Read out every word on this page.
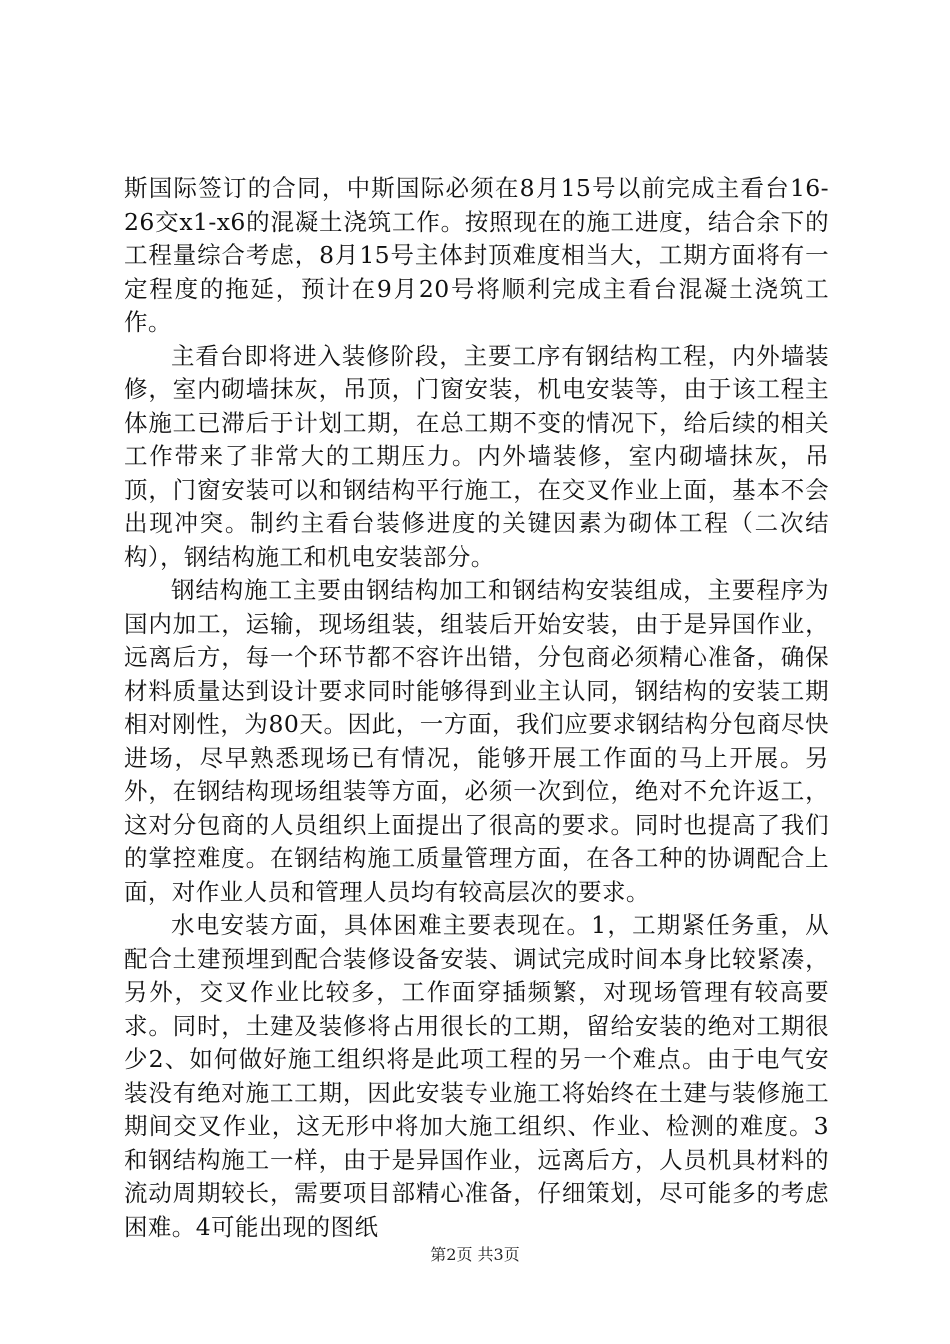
斯国际签订的合同，中斯国际必须在8月15号以前完成主看台16-26交x1-x6的混凝土浇筑工作。按照现在的施工进度，结合余下的工程量综合考虑，8月15号主体封顶难度相当大，工期方面将有一定程度的拖延，预计在9月20号将顺利完成主看台混凝土浇筑工作。

主看台即将进入装修阶段，主要工序有钢结构工程，内外墙装修，室内砌墙抹灰，吊顶，门窗安装，机电安装等，由于该工程主体施工已滞后于计划工期，在总工期不变的情况下，给后续的相关工作带来了非常大的工期压力。内外墙装修，室内砌墙抹灰，吊顶，门窗安装可以和钢结构平行施工，在交叉作业上面，基本不会出现冲突。制约主看台装修进度的关键因素为砌体工程（二次结构），钢结构施工和机电安装部分。

钢结构施工主要由钢结构加工和钢结构安装组成，主要程序为国内加工，运输，现场组装，组装后开始安装，由于是异国作业，远离后方，每一个环节都不容许出错，分包商必须精心准备，确保材料质量达到设计要求同时能够得到业主认同，钢结构的安装工期相对刚性，为80天。因此，一方面，我们应要求钢结构分包商尽快进场，尽早熟悉现场已有情况，能够开展工作面的马上开展。另外，在钢结构现场组装等方面，必须一次到位，绝对不允许返工，这对分包商的人员组织上面提出了很高的要求。同时也提高了我们的掌控难度。在钢结构施工质量管理方面，在各工种的协调配合上面，对作业人员和管理人员均有较高层次的要求。

水电安装方面，具体困难主要表现在。1，工期紧任务重，从配合土建预埋到配合装修设备安装、调试完成时间本身比较紧凑，另外，交叉作业比较多，工作面穿插频繁，对现场管理有较高要求。同时，土建及装修将占用很长的工期，留给安装的绝对工期很少2、如何做好施工组织将是此项工程的另一个难点。由于电气安装没有绝对施工工期，因此安装专业施工将始终在土建与装修施工期间交叉作业，这无形中将加大施工组织、作业、检测的难度。3和钢结构施工一样，由于是异国作业，远离后方，人员机具材料的流动周期较长，需要项目部精心准备，仔细策划，尽可能多的考虑困难。4可能出现的图纸

第2页 共3页
